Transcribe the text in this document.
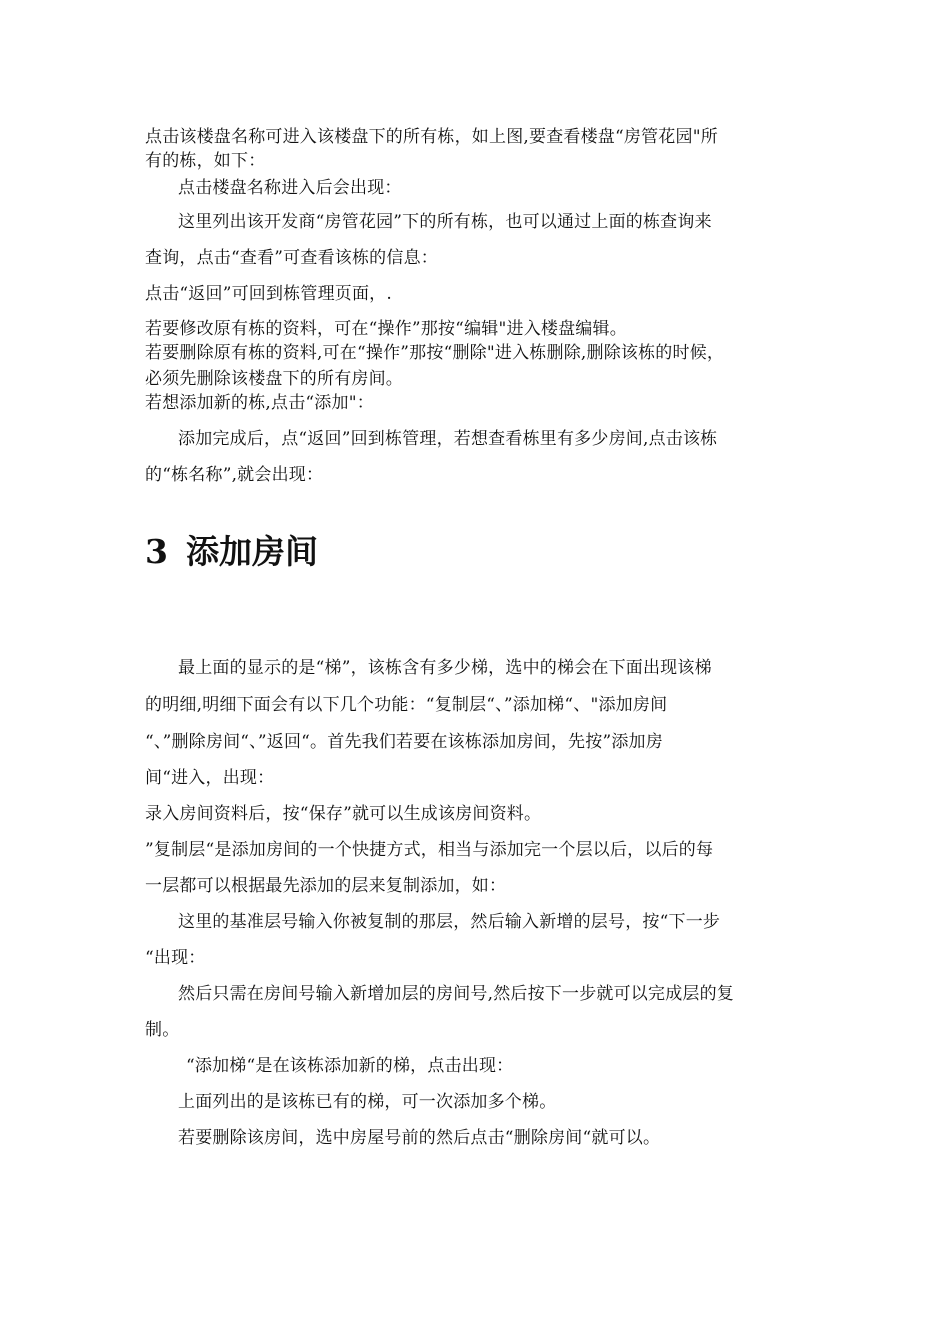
点击该楼盘名称可进入该楼盘下的所有栋，如上图,要查看楼盘“房管花园"所
有的栋，如下：
点击楼盘名称进入后会出现：
这里列出该开发商“房管花园”下的所有栋，也可以通过上面的栋查询来
查询，点击“查看”可查看该栋的信息：
点击“返回”可回到栋管理页面，.
若要修改原有栋的资料，可在“操作”那按“编辑"进入楼盘编辑。
若要删除原有栋的资料,可在“操作”那按“删除"进入栋删除,删除该栋的时候，
必须先删除该楼盘下的所有房间。
若想添加新的栋,点击“添加"：
添加完成后，点“返回”回到栋管理，若想查看栋里有多少房间,点击该栋
的“栋名称”,就会出现：
3 添加房间
最上面的显示的是“梯”，该栋含有多少梯，选中的梯会在下面出现该梯
的明细,明细下面会有以下几个功能：“复制层“、”添加梯“、"添加房间
“、”删除房间“、”返回“。首先我们若要在该栋添加房间，先按”添加房
间“进入，出现：
录入房间资料后，按“保存”就可以生成该房间资料。
”复制层“是添加房间的一个快捷方式，相当与添加完一个层以后，以后的每
一层都可以根据最先添加的层来复制添加，如：
这里的基准层号输入你被复制的那层，然后输入新增的层号，按“下一步
“出现：
然后只需在房间号输入新增加层的房间号,然后按下一步就可以完成层的复
制。
“添加梯“是在该栋添加新的梯，点击出现：
上面列出的是该栋已有的梯，可一次添加多个梯。
若要删除该房间，选中房屋号前的然后点击“删除房间“就可以。
